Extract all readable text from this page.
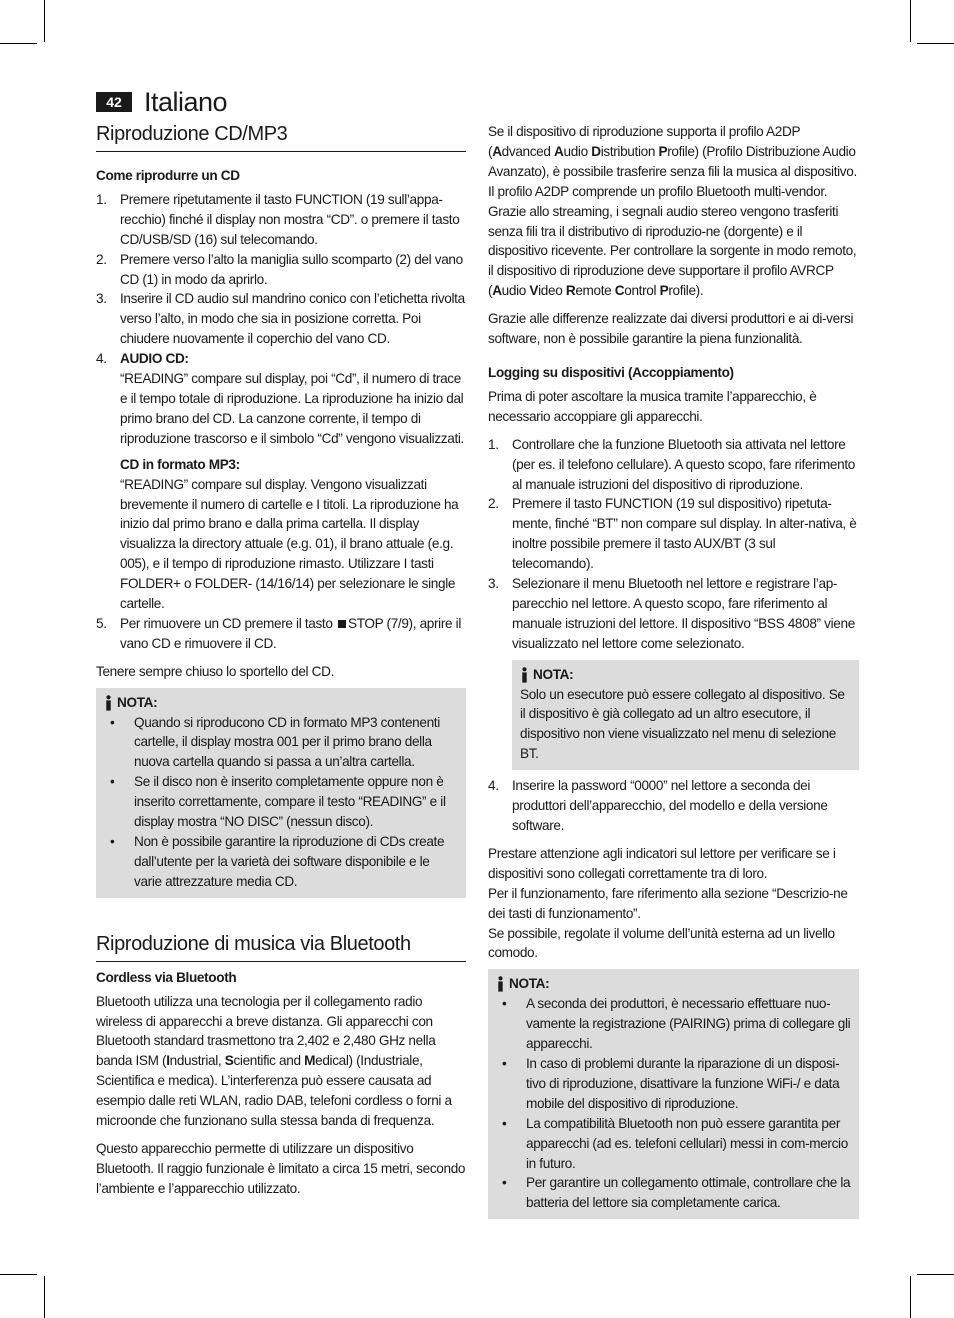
42 Italiano
Riproduzione CD/MP3
Come riprodurre un CD
1. Premere ripetutamente il tasto FUNCTION (19 sull’appa-recchio) finché il display non mostra “CD”. o premere il tasto CD/USB/SD (16) sul telecomando.
2. Premere verso l’alto la maniglia sullo scomparto (2) del vano CD (1) in modo da aprirlo.
3. Inserire il CD audio sul mandrino conico con l’etichetta rivolta verso l’alto, in modo che sia in posizione corretta. Poi chiudere nuovamente il coperchio del vano CD.
4. AUDIO CD:
“READING” compare sul display, poi “Cd”, il numero di trace e il tempo totale di riproduzione. La riproduzione ha inizio dal primo brano del CD. La canzone corrente, il tempo di riproduzione trascorso e il simbolo “Cd” vengono visualizzati.
CD in formato MP3:
“READING” compare sul display. Vengono visualizzati brevemente il numero di cartelle e I titoli. La riproduzione ha inizio dal primo brano e dalla prima cartella. Il display visualizza la directory attuale (e.g. 01), il brano attuale (e.g. 005), e il tempo di riproduzione rimasto. Utilizzare I tasti FOLDER+ o FOLDER- (14/16/14) per selezionare le single cartelle.
5. Per rimuovere un CD premere il tasto STOP (7/9), aprire il vano CD e rimuovere il CD.

Tenere sempre chiuso lo sportello del CD.

NOTA:
• Quando si riproducono CD in formato MP3 contenenti cartelle, il display mostra 001 per il primo brano della nuova cartella quando si passa a un’altra cartella.
• Se il disco non è inserito completamente oppure non è inserito correttamente, compare il testo “READING” e il display mostra “NO DISC” (nessun disco).
• Non è possibile garantire la riproduzione di CDs create dall’utente per la varietà dei software disponibile e le varie attrezzature media CD.
Riproduzione di musica via Bluetooth
Cordless via Bluetooth

Bluetooth utilizza una tecnologia per il collegamento radio wireless di apparecchi a breve distanza. Gli apparecchi con Bluetooth standard trasmettono tra 2,402 e 2,480 GHz nella banda ISM (Industrial, Scientific and Medical) (Industriale, Scientifica e medica). L’interferenza può essere causata ad esempio dalle reti WLAN, radio DAB, telefoni cordless o forni a microonde che funzionano sulla stessa banda di frequenza.

Questo apparecchio permette di utilizzare un dispositivo Bluetooth. Il raggio funzionale è limitato a circa 15 metri, secondo l’ambiente e l’apparecchio utilizzato.

Se il dispositivo di riproduzione supporta il profilo A2DP (Advanced Audio Distribution Profile) (Profilo Distribuzione Audio Avanzato), è possibile trasferire senza fili la musica al dispositivo. Il profilo A2DP comprende un profilo Bluetooth multi-vendor. Grazie allo streaming, i segnali audio stereo vengono trasferiti senza fili tra il distributivo di riproduzio-ne (dorgente) e il dispositivo ricevente. Per controllare la sorgente in modo remoto, il dispositivo di riproduzione deve supportare il profilo AVRCP (Audio Video Remote Control Profile).

Grazie alle differenze realizzate dai diversi produttori e ai di-versi software, non è possibile garantire la piena funzionalità.

Logging su dispositivi (Accoppiamento)

Prima di poter ascoltare la musica tramite l’apparecchio, è necessario accoppiare gli apparecchi.

1. Controllare che la funzione Bluetooth sia attivata nel lettore (per es. il telefono cellulare). A questo scopo, fare riferimento al manuale istruzioni del dispositivo di riproduzione.
2. Premere il tasto FUNCTION (19 sul dispositivo) ripetuta-mente, finché “BT” non compare sul display. In alter-nativa, è inoltre possibile premere il tasto AUX/BT (3 sul telecomando).
3. Selezionare il menu Bluetooth nel lettore e registrare l’ap-parecchio nel lettore. A questo scopo, fare riferimento al manuale istruzioni del lettore. Il dispositivo “BSS 4808” viene visualizzato nel lettore come selezionato.
NOTA:

Solo un esecutore può essere collegato al dispositivo. Se il dispositivo è già collegato ad un altro esecutore, il dispositivo non viene visualizzato nel menu di selezione BT.

4. Inserire la password “0000” nel lettore a seconda dei produttori dell’apparecchio, del modello e della versione software.

Prestare attenzione agli indicatori sul lettore per verificare se i dispositivi sono collegati correttamente tra di loro.

Per il funzionamento, fare riferimento alla sezione “Descrizio-ne dei tasti di funzionamento”.

Se possibile, regolate il volume dell’unità esterna ad un livello comodo.

NOTA:
• A seconda dei produttori, è necessario effettuare nuo-vamente la registrazione (PAIRING) prima di collegare gli apparecchi.
• In caso di problemi durante la riparazione di un disposi-tivo di riproduzione, disattivare la funzione WiFi-/ e data mobile del dispositivo di riproduzione.
• La compatibilità Bluetooth non può essere garantita per apparecchi (ad es. telefoni cellulari) messi in com-mercio in futuro.
• Per garantire un collegamento ottimale, controllare che la batteria del lettore sia completamente carica.
